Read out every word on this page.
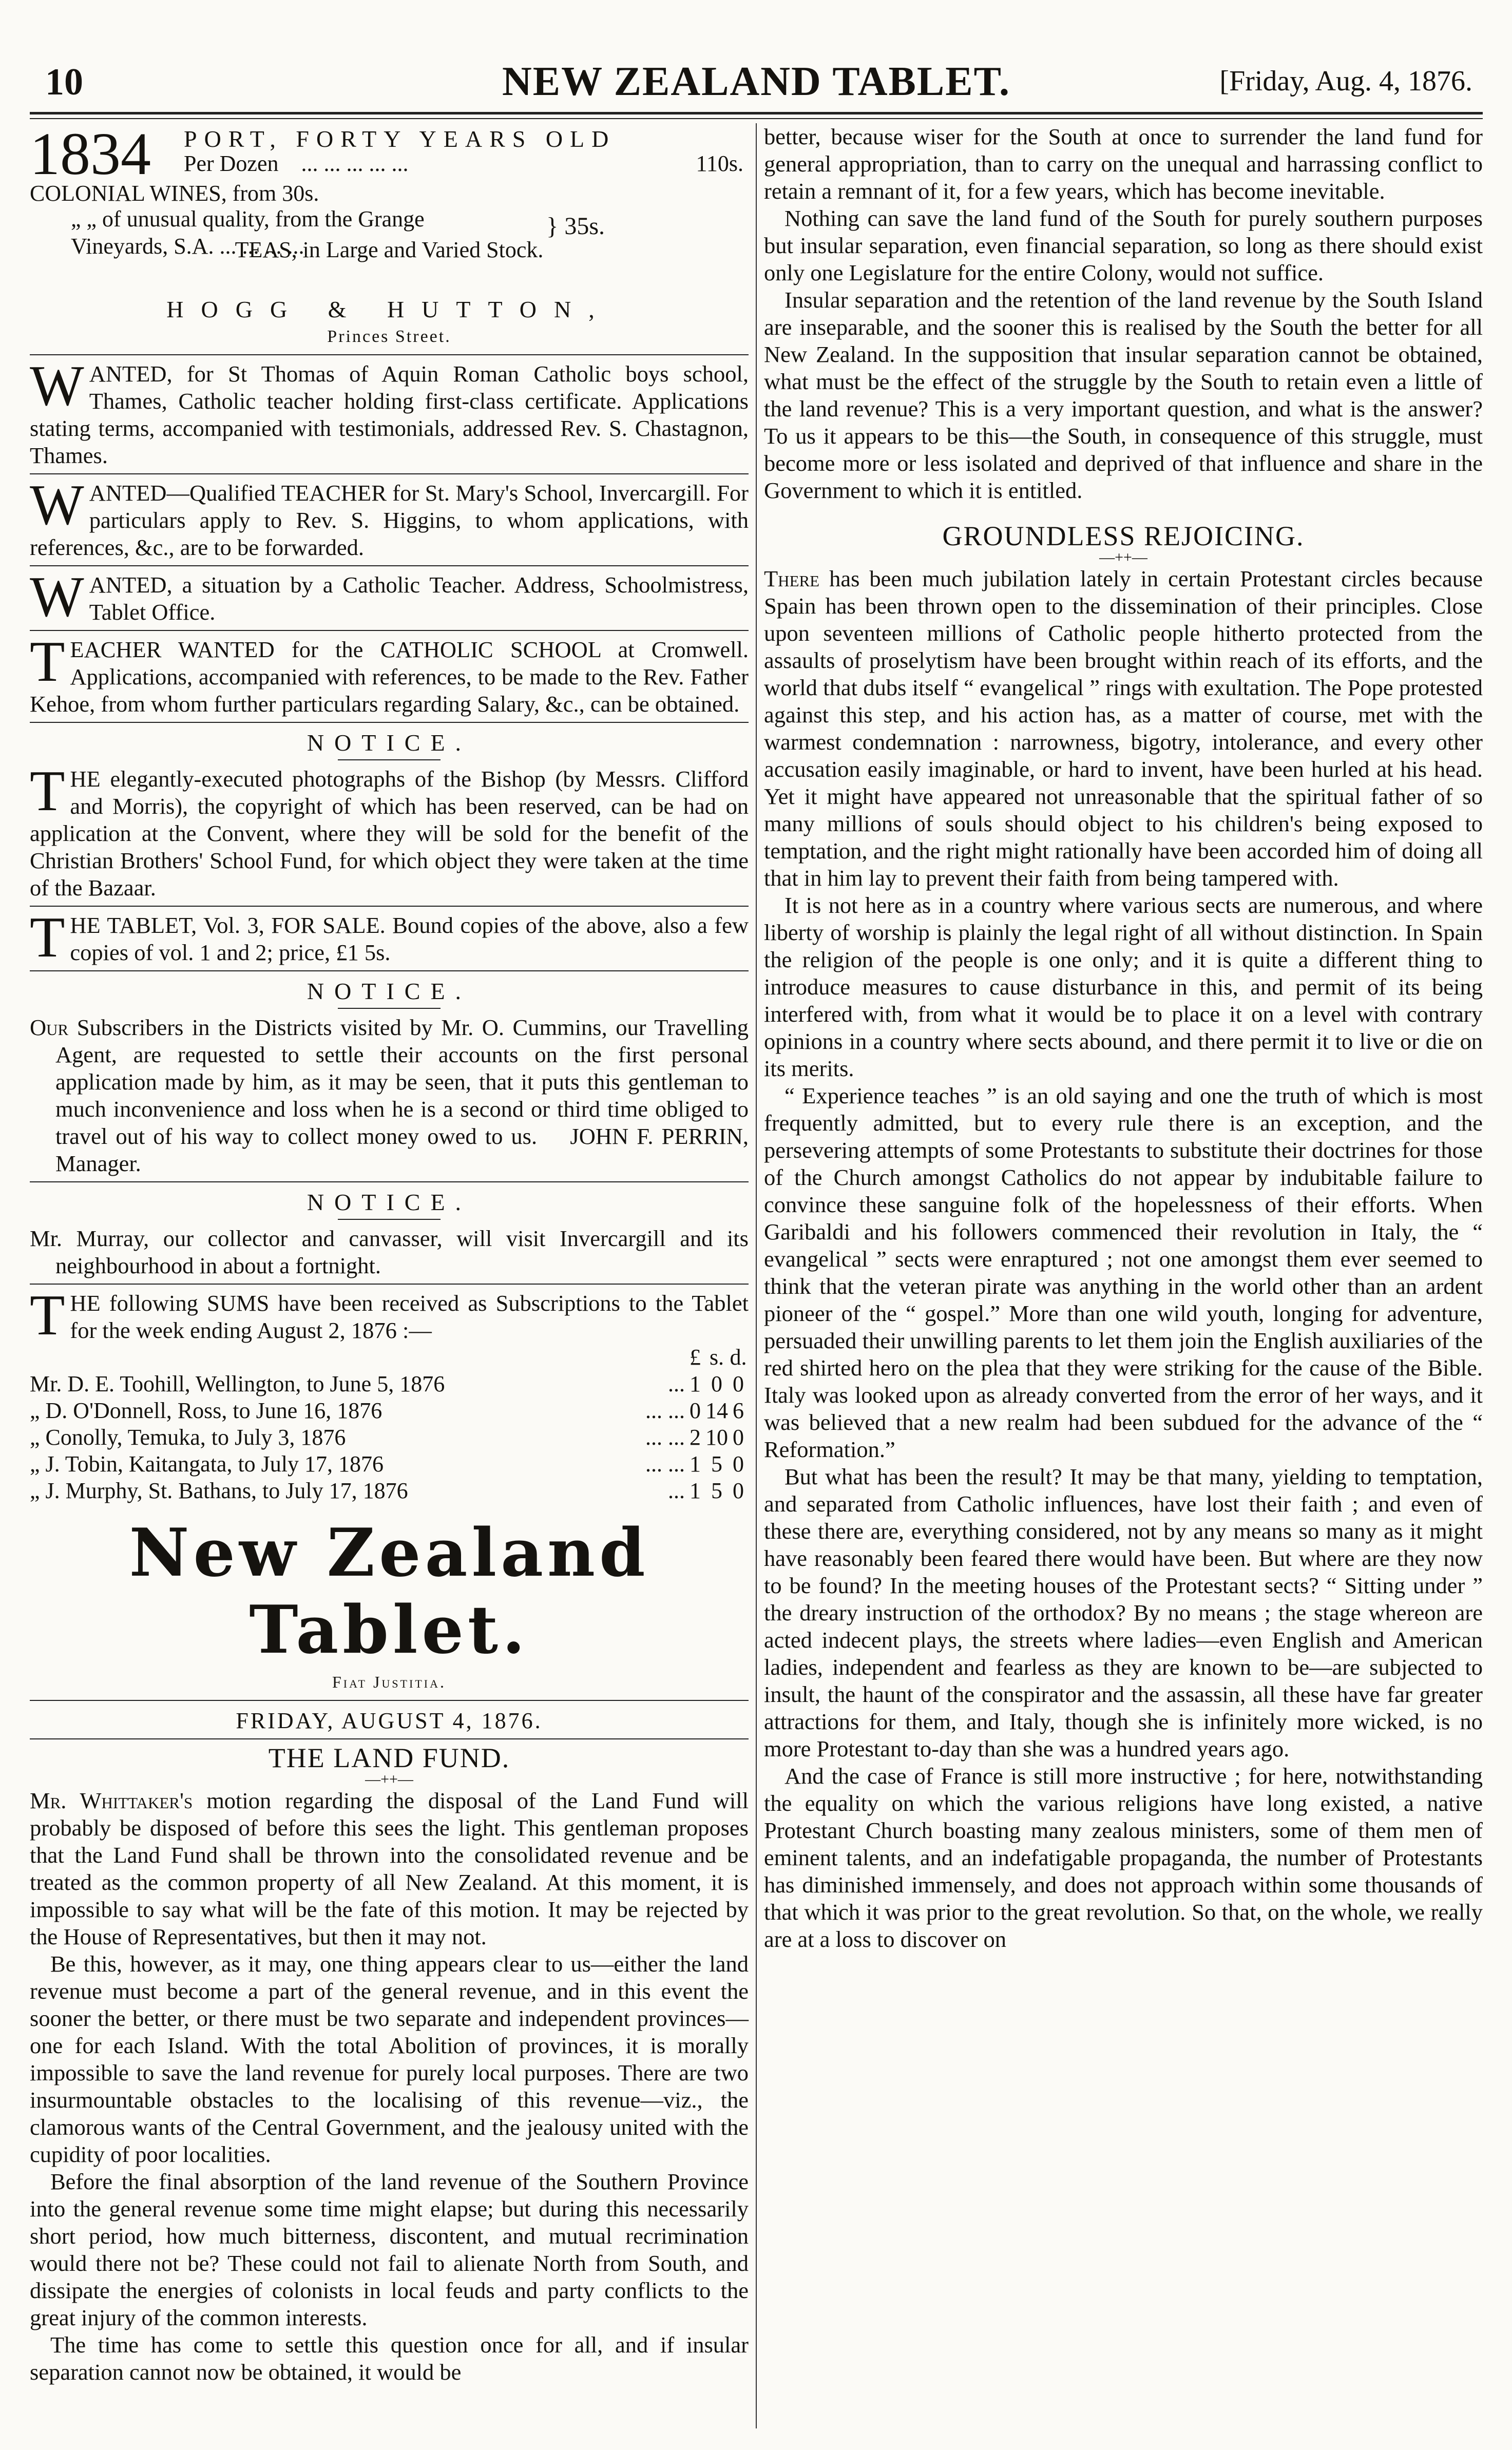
10	NEW ZEALAND TABLET.	[Friday, Aug. 4, 1876.
1834 PORT, FORTY YEARS OLD
Per Dozen ... ... ... ... ...	110s.
COLONIAL WINES, from 30s.
„ „ of unusual quality, from the Grange
Vineyards, S.A. ... ... ... ...
} 35s.
TEAS, in Large and Varied Stock.
HOGG & HUTTON,
Princes Street.

WANTED, for St Thomas of Aquin Roman Catholic boys school, Thames, Catholic teacher holding first-class certificate. Applications stating terms, accompanied with testimonials, addressed Rev. S. Chastagnon, Thames.

WANTED—Qualified TEACHER for St. Mary's School, Invercargill. For particulars apply to Rev. S. Higgins, to whom applications, with references, &c., are to be forwarded.

WANTED, a situation by a Catholic Teacher. Address, Schoolmistress, Tablet Office.

TEACHER WANTED for the CATHOLIC SCHOOL at Cromwell. Applications, accompanied with references, to be made to the Rev. Father Kehoe, from whom further particulars regarding Salary, &c., can be obtained.

NOTICE.

THE elegantly-executed photographs of the Bishop (by Messrs. Clifford and Morris), the copyright of which has been reserved, can be had on application at the Convent, where they will be sold for the benefit of the Christian Brothers' School Fund, for which object they were taken at the time of the Bazaar.

THE TABLET, Vol. 3, FOR SALE. Bound copies of the above, also a few copies of vol. 1 and 2; price, £1 5s.

NOTICE.

Our Subscribers in the Districts visited by Mr. O. Cummins, our Travelling Agent, are requested to settle their accounts on the first personal application made by him, as it may be seen, that it puts this gentleman to much inconvenience and loss when he is a second or third time obliged to travel out of his way to collect money owed to us. JOHN F. PERRIN, Manager.

NOTICE.

Mr. Murray, our collector and canvasser, will visit Invercargill and its neighbourhood in about a fortnight.

THE following SUMS have been received as Subscriptions to the Tablet for the week ending August 2, 1876 :—

		£	s.	d.
Mr. D. E. Toohill, Wellington, to June 5, 1876	...	1	0	0
„ D. O'Donnell, Ross, to June 16, 1876	... ...	0	14	6
„ Conolly, Temuka, to July 3, 1876	... ...	2	10	0
„ J. Tobin, Kaitangata, to July 17, 1876	... ...	1	5	0
„ J. Murphy, St. Bathans, to July 17, 1876	...	1	5	0
New Zealand Tablet.
Fiat Justitia.
FRIDAY, AUGUST 4, 1876.
THE LAND FUND.
—++—

Mr. Whittaker's motion regarding the disposal of the Land Fund will probably be disposed of before this sees the light. This gentleman proposes that the Land Fund shall be thrown into the consolidated revenue and be treated as the common property of all New Zealand. At this moment, it is impossible to say what will be the fate of this motion. It may be rejected by the House of Representatives, but then it may not.

Be this, however, as it may, one thing appears clear to us—either the land revenue must become a part of the general revenue, and in this event the sooner the better, or there must be two separate and independent provinces—one for each Island. With the total Abolition of provinces, it is morally impossible to save the land revenue for purely local purposes. There are two insurmountable obstacles to the localising of this revenue—viz., the clamorous wants of the Central Government, and the jealousy united with the cupidity of poor localities.

Before the final absorption of the land revenue of the Southern Province into the general revenue some time might elapse; but during this necessarily short period, how much bitterness, discontent, and mutual recrimination would there not be? These could not fail to alienate North from South, and dissipate the energies of colonists in local feuds and party conflicts to the great injury of the common interests.

The time has come to settle this question once for all, and if insular separation cannot now be obtained, it would be

better, because wiser for the South at once to surrender the land fund for general appropriation, than to carry on the unequal and harrassing conflict to retain a remnant of it, for a few years, which has become inevitable.

Nothing can save the land fund of the South for purely southern purposes but insular separation, even financial separation, so long as there should exist only one Legislature for the entire Colony, would not suffice.

Insular separation and the retention of the land revenue by the South Island are inseparable, and the sooner this is realised by the South the better for all New Zealand. In the supposition that insular separation cannot be obtained, what must be the effect of the struggle by the South to retain even a little of the land revenue? This is a very important question, and what is the answer? To us it appears to be this—the South, in consequence of this struggle, must become more or less isolated and deprived of that influence and share in the Government to which it is entitled.

GROUNDLESS REJOICING.
—++—

There has been much jubilation lately in certain Protestant circles because Spain has been thrown open to the dissemination of their principles. Close upon seventeen millions of Catholic people hitherto protected from the assaults of proselytism have been brought within reach of its efforts, and the world that dubs itself “ evangelical ” rings with exultation. The Pope protested against this step, and his action has, as a matter of course, met with the warmest condemnation : narrowness, bigotry, intolerance, and every other accusation easily imaginable, or hard to invent, have been hurled at his head. Yet it might have appeared not unreasonable that the spiritual father of so many millions of souls should object to his children's being exposed to temptation, and the right might rationally have been accorded him of doing all that in him lay to prevent their faith from being tampered with.

It is not here as in a country where various sects are numerous, and where liberty of worship is plainly the legal right of all without distinction. In Spain the religion of the people is one only; and it is quite a different thing to introduce measures to cause disturbance in this, and permit of its being interfered with, from what it would be to place it on a level with contrary opinions in a country where sects abound, and there permit it to live or die on its merits.

“ Experience teaches ” is an old saying and one the truth of which is most frequently admitted, but to every rule there is an exception, and the persevering attempts of some Protestants to substitute their doctrines for those of the Church amongst Catholics do not appear by indubitable failure to convince these sanguine folk of the hopelessness of their efforts. When Garibaldi and his followers commenced their revolution in Italy, the “ evangelical ” sects were enraptured ; not one amongst them ever seemed to think that the veteran pirate was anything in the world other than an ardent pioneer of the “ gospel.” More than one wild youth, longing for adventure, persuaded their unwilling parents to let them join the English auxiliaries of the red shirted hero on the plea that they were striking for the cause of the Bible. Italy was looked upon as already converted from the error of her ways, and it was believed that a new realm had been subdued for the advance of the “ Reformation.”

But what has been the result? It may be that many, yielding to temptation, and separated from Catholic influences, have lost their faith ; and even of these there are, everything considered, not by any means so many as it might have reasonably been feared there would have been. But where are they now to be found? In the meeting houses of the Protestant sects? “ Sitting under ” the dreary instruction of the orthodox? By no means ; the stage whereon are acted indecent plays, the streets where ladies—even English and American ladies, independent and fearless as they are known to be—are subjected to insult, the haunt of the conspirator and the assassin, all these have far greater attractions for them, and Italy, though she is infinitely more wicked, is no more Protestant to-day than she was a hundred years ago.

And the case of France is still more instructive ; for here, notwithstanding the equality on which the various religions have long existed, a native Protestant Church boasting many zealous ministers, some of them men of eminent talents, and an indefatigable propaganda, the number of Protestants has diminished immensely, and does not approach within some thousands of that which it was prior to the great revolution. So that, on the whole, we really are at a loss to discover on
